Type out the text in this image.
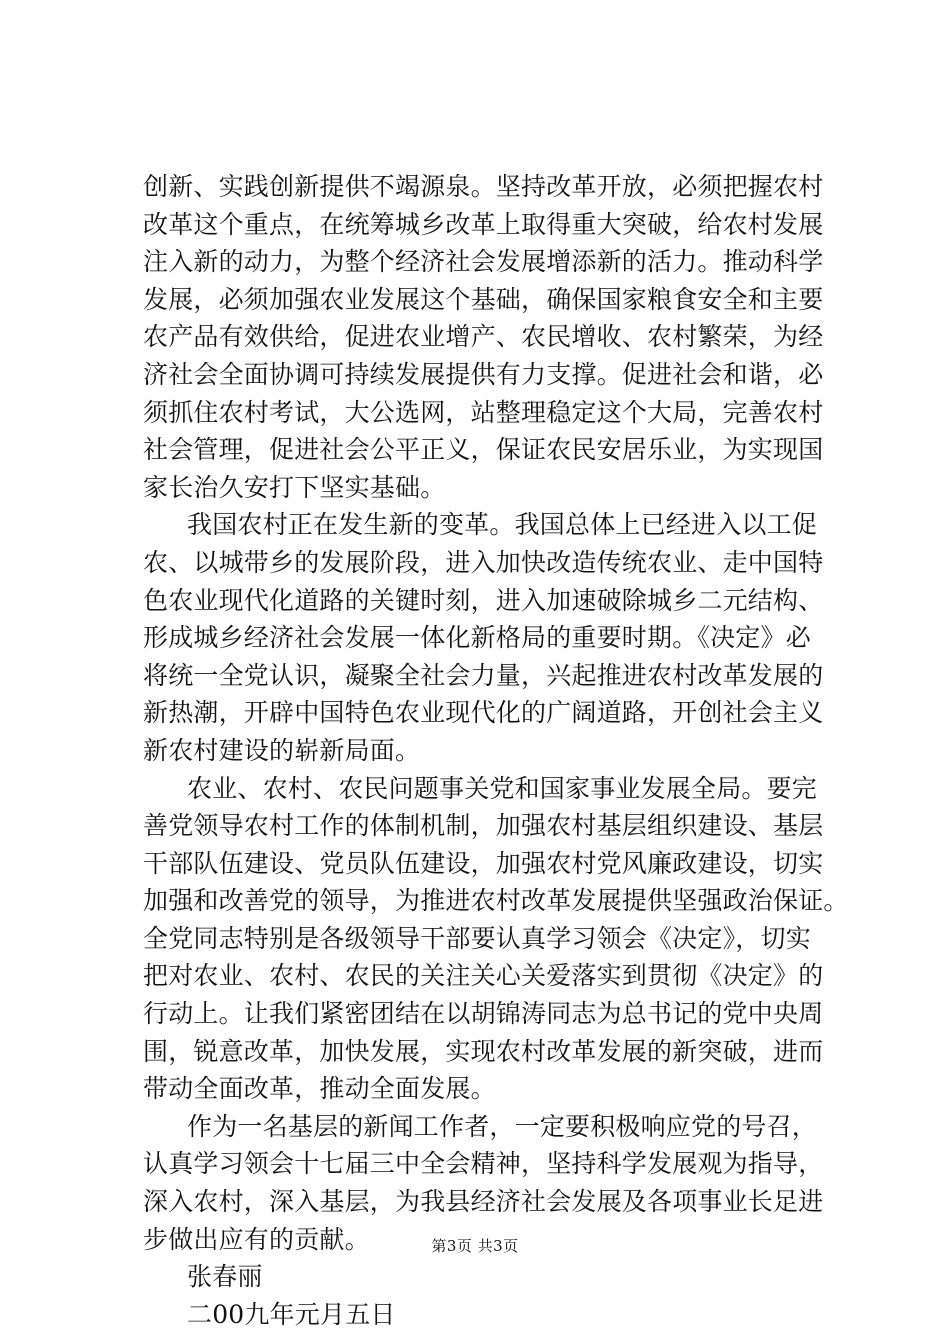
创新、实践创新提供不竭源泉。坚持改革开放，必须把握农村
改革这个重点，在统筹城乡改革上取得重大突破，给农村发展
注入新的动力，为整个经济社会发展增添新的活力。推动科学
发展，必须加强农业发展这个基础，确保国家粮食安全和主要
农产品有效供给，促进农业增产、农民增收、农村繁荣，为经
济社会全面协调可持续发展提供有力支撑。促进社会和谐，必
须抓住农村考试，大公选网，站整理稳定这个大局，完善农村
社会管理，促进社会公平正义，保证农民安居乐业，为实现国
家长治久安打下坚实基础。
我国农村正在发生新的变革。我国总体上已经进入以工促
农、以城带乡的发展阶段，进入加快改造传统农业、走中国特
色农业现代化道路的关键时刻，进入加速破除城乡二元结构、
形成城乡经济社会发展一体化新格局的重要时期。《决定》必
将统一全党认识，凝聚全社会力量，兴起推进农村改革发展的
新热潮，开辟中国特色农业现代化的广阔道路，开创社会主义
新农村建设的崭新局面。
农业、农村、农民问题事关党和国家事业发展全局。要完
善党领导农村工作的体制机制，加强农村基层组织建设、基层
干部队伍建设、党员队伍建设，加强农村党风廉政建设，切实
加强和改善党的领导，为推进农村改革发展提供坚强政治保证。
全党同志特别是各级领导干部要认真学习领会《决定》，切实
把对农业、农村、农民的关注关心关爱落实到贯彻《决定》的
行动上。让我们紧密团结在以胡锦涛同志为总书记的党中央周
围，锐意改革，加快发展，实现农村改革发展的新突破，进而
带动全面改革，推动全面发展。
作为一名基层的新闻工作者，一定要积极响应党的号召，
认真学习领会十七届三中全会精神，坚持科学发展观为指导，
深入农村，深入基层，为我县经济社会发展及各项事业长足进
步做出应有的贡献。
张春丽
二00九年元月五日
第3页 共3页
